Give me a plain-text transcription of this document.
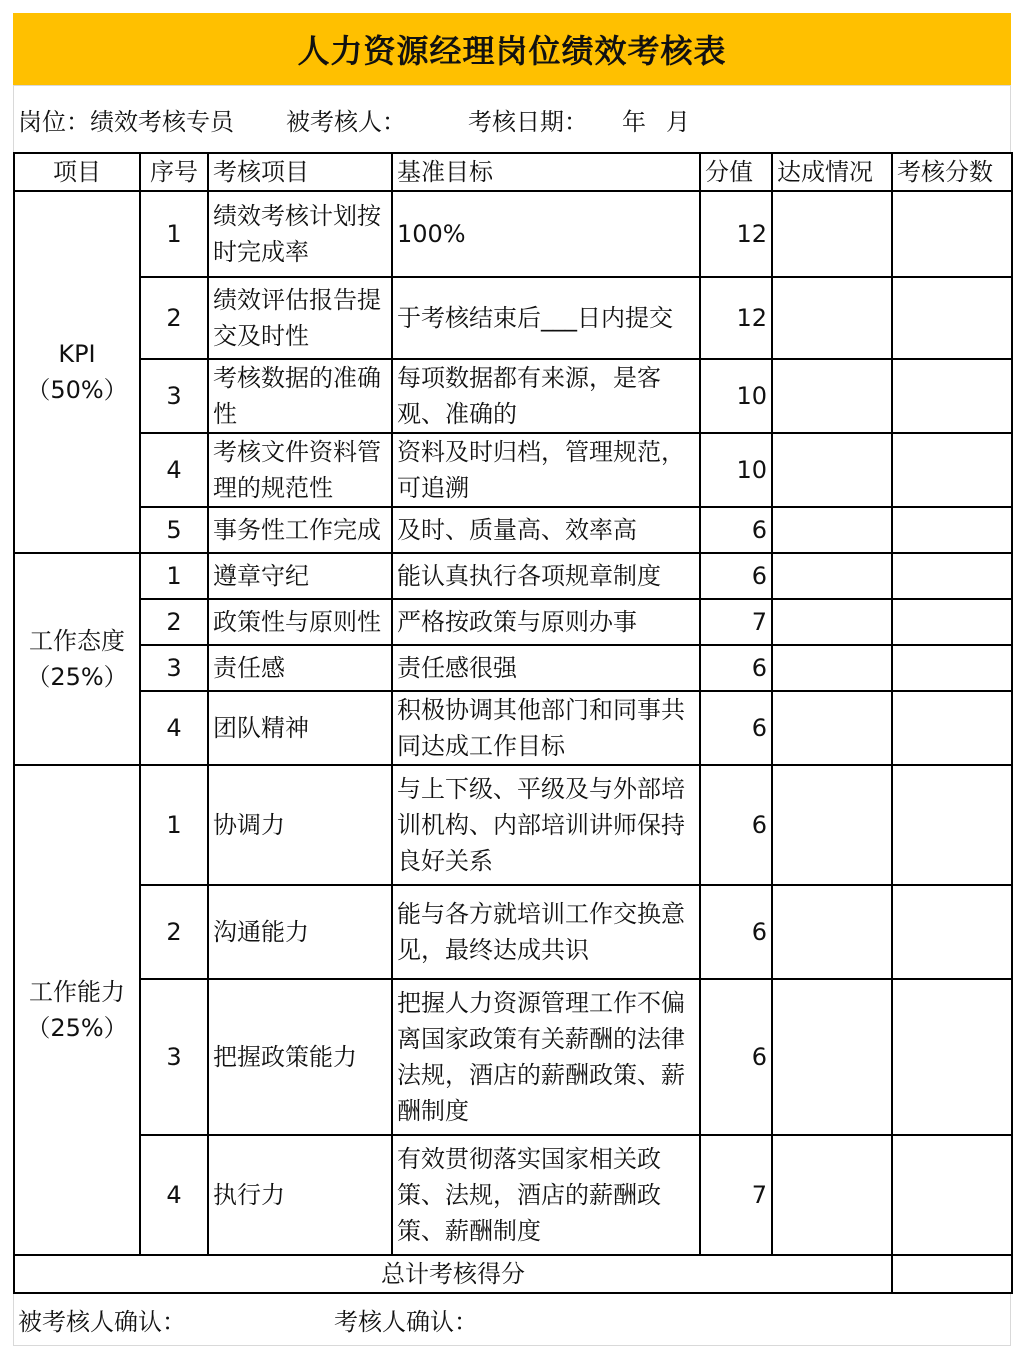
人力资源经理岗位绩效考核表
岗位：绩效考核专员 被考核人：	考核日期： 年 月
项目	序号	考核项目	基准目标	分值	达成情况	考核分数
KPI（50%）	1	绩效考核计划按时完成率	100%	12		
	2	绩效评估报告提交及时性	于考核结束后___日内提交	12		
	3	考核数据的准确性	每项数据都有来源，是客观、准确的	10		
	4	考核文件资料管理的规范性	资料及时归档，管理规范，可追溯	10		
	5	事务性工作完成	及时、质量高、效率高	6		
工作态度（25%）	1	遵章守纪	能认真执行各项规章制度	6		
	2	政策性与原则性	严格按政策与原则办事	7		
	3	责任感	责任感很强	6		
	4	团队精神	积极协调其他部门和同事共同达成工作目标	6		
工作能力（25%）	1	协调力	与上下级、平级及与外部培训机构、内部培训讲师保持良好关系	6		
	2	沟通能力	能与各方就培训工作交换意见，最终达成共识	6		
	3	把握政策能力	把握人力资源管理工作不偏离国家政策有关薪酬的法律法规，酒店的薪酬政策、薪酬制度	6		
	4	执行力	有效贯彻落实国家相关政策、法规，酒店的薪酬政策、薪酬制度	7		
总计考核得分						
被考核人确认：	考核人确认：
